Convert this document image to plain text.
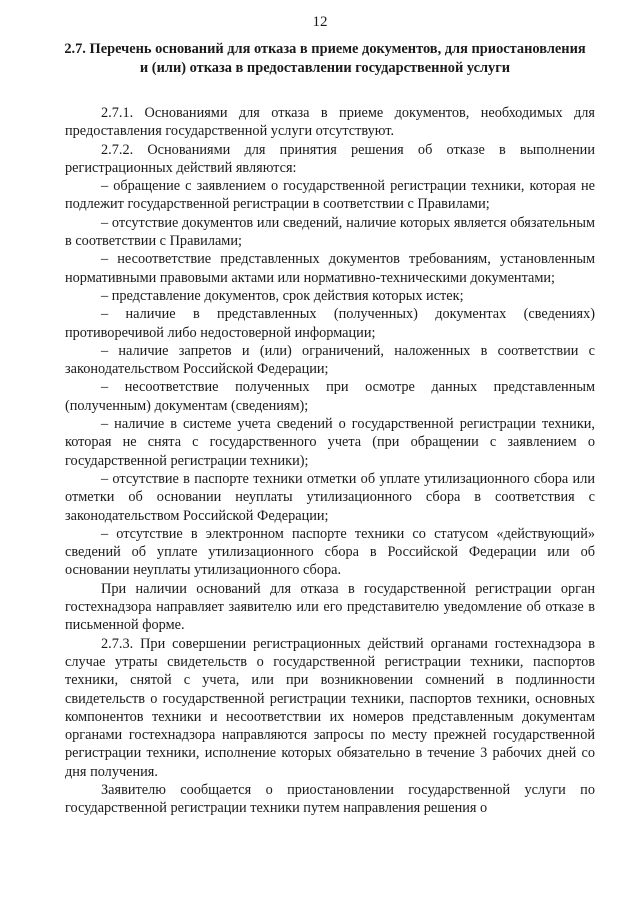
12
2.7. Перечень оснований для отказа в приеме документов, для приостановления и (или) отказа в предоставлении государственной услуги

2.7.1. Основаниями для отказа в приеме документов, необходимых для предоставления государственной услуги отсутствуют.

2.7.2. Основаниями для принятия решения об отказе в выполнении регистрационных действий являются:

– обращение с заявлением о государственной регистрации техники, которая не подлежит государственной регистрации в соответствии с Правилами;

– отсутствие документов или сведений, наличие которых является обязательным в соответствии с Правилами;

– несоответствие представленных документов требованиям, установленным нормативными правовыми актами или нормативно-техническими документами;

– представление документов, срок действия которых истек;

– наличие в представленных (полученных) документах (сведениях) противоречивой либо недостоверной информации;

– наличие запретов и (или) ограничений, наложенных в соответствии с законодательством Российской Федерации;

– несоответствие полученных при осмотре данных представленным (полученным) документам (сведениям);

– наличие в системе учета сведений о государственной регистрации техники, которая не снята с государственного учета (при обращении с заявлением о государственной регистрации техники);

– отсутствие в паспорте техники отметки об уплате утилизационного сбора или отметки об основании неуплаты утилизационного сбора в соответствия с законодательством Российской Федерации;

– отсутствие в электронном паспорте техники со статусом «действующий» сведений об уплате утилизационного сбора в Российской Федерации или об основании неуплаты утилизационного сбора.

При наличии оснований для отказа в государственной регистрации орган гостехнадзора направляет заявителю или его представителю уведомление об отказе в письменной форме.

2.7.3. При совершении регистрационных действий органами гостехнадзора в случае утраты свидетельств о государственной регистрации техники, паспортов техники, снятой с учета, или при возникновении сомнений в подлинности свидетельств о государственной регистрации техники, паспортов техники, основных компонентов техники и несоответствии их номеров представленным документам органами гостехнадзора направляются запросы по месту прежней государственной регистрации техники, исполнение которых обязательно в течение 3 рабочих дней со дня получения.

Заявителю сообщается о приостановлении государственной услуги по государственной регистрации техники путем направления решения о
